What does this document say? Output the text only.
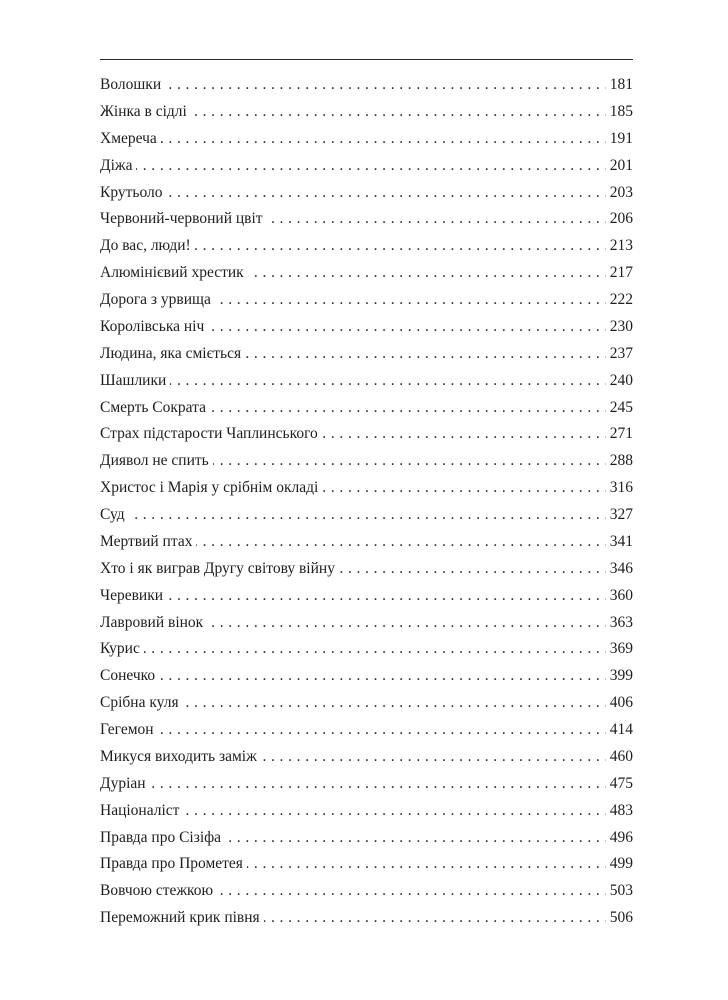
. . . Волошки	181
. . . Жінка в сідлі	185
. . . Хмереча	191
. . . Діжа	201
. . . Крутьоло	203
. . . Червоний-червоний цвіт	206
. . . До вас, люди!	213
. . . Алюмінієвий хрестик	217
. . . Дорога з урвища	222
. . . Королівська ніч	230
. . . Людина, яка сміється	237
. . . Шашлики	240
. . . Смерть Сократа	245
. . . Страх підстарости Чаплинського	271
. . . Диявол не спить	288
. . . Христос і Марія у срібнім окладі	316
. . . Суд	327
. . . Мертвий птах	341
. . . Хто і як виграв Другу світову війну	346
. . . Черевики	360
. . . Лавровий вінок	363
. . . Курис	369
. . . Сонечко	399
. . . Срібна куля	406
. . . Гегемон	414
. . . Микуся виходить заміж	460
. . . Дуріан	475
. . . Націоналіст	483
. . . Правда про Сізіфа	496
. . . Правда про Прометея	499
. . . Вовчою стежкою	503
. . . Переможний крик півня	506
